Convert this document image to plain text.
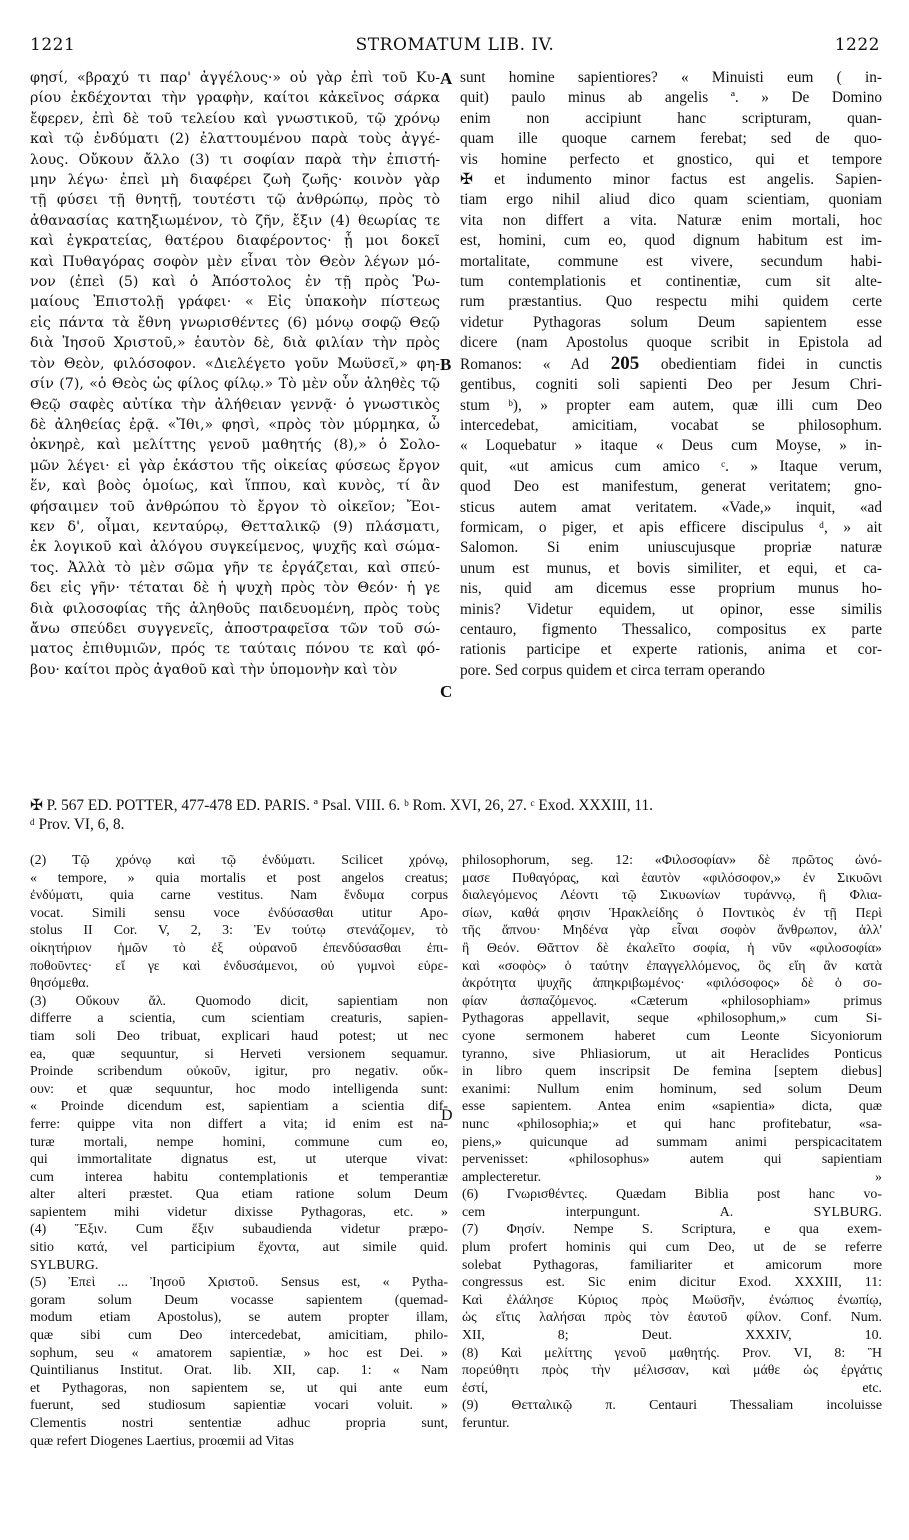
1221	STROMATUM LIB. IV.	1222
φησί, «βραχύ τι παρ' ἀγγέλους·» οὐ γὰρ ἐπὶ τοῦ Κυ-
ρίου ἐκδέχονται τὴν γραφὴν, καίτοι κἀκεῖνος σάρκα
ἔφερεν, ἐπὶ δὲ τοῦ τελείου καὶ γνωστικοῦ, τῷ χρόνῳ
καὶ τῷ ἐνδύματι (2) ἐλαττουμένου παρὰ τοὺς ἀγγέ-
λους. Οὔκουν ἄλλο (3) τι σοφίαν παρὰ τὴν ἐπιστή-
μην λέγω· ἐπεὶ μὴ διαφέρει ζωὴ ζωῆς· κοινὸν γὰρ
τῇ φύσει τῇ θνητῇ, τουτέστι τῷ ἀνθρώπῳ, πρὸς τὸ
ἀθανασίας κατηξιωμένον, τὸ ζῆν, ἔξιν (4) θεωρίας τε
καὶ ἐγκρατείας, θατέρου διαφέροντος· ᾗ μοι δοκεῖ
καὶ Πυθαγόρας σοφὸν μὲν εἶναι τὸν Θεὸν λέγων μό-
νον (ἐπεὶ (5) καὶ ὁ Ἀπόστολος ἐν τῇ πρὸς Ῥω-
μαίους Ἐπιστολῇ γράφει· « Εἰς ὑπακοὴν πίστεως
εἰς πάντα τὰ ἔθνη γνωρισθέντες (6) μόνῳ σοφῷ Θεῷ
διὰ Ἰησοῦ Χριστοῦ,» ἑαυτὸν δὲ, διὰ φιλίαν τὴν πρὸς
τὸν Θεὸν, φιλόσοφον. «Διελέγετο γοῦν Μωϋσεῖ,» φη-
σίν (7), «ὁ Θεὸς ὡς φίλος φίλῳ.» Τὸ μὲν οὖν ἀληθὲς τῷ
Θεῷ σαφὲς αὐτίκα τὴν ἀλήθειαν γεννᾷ· ὁ γνωστικὸς
δὲ ἀληθείας ἐρᾷ. «Ἴθι,» φησὶ, «πρὸς τὸν μύρμηκα, ὦ
ὀκνηρὲ, καὶ μελίττης γενοῦ μαθητής (8),» ὁ Σολο-
μῶν λέγει· εἰ γὰρ ἑκάστου τῆς οἰκείας φύσεως ἔργον
ἕν, καὶ βοὸς ὁμοίως, καὶ ἵππου, καὶ κυνὸς, τί ἂν
φήσαιμεν τοῦ ἀνθρώπου τὸ ἔργον τὸ οἰκεῖον; Ἔοι-
κεν δ', οἶμαι, κενταύρῳ, Θετταλικῷ (9) πλάσματι,
ἐκ λογικοῦ καὶ ἀλόγου συγκείμενος, ψυχῆς καὶ σώμα-
τος. Ἀλλὰ τὸ μὲν σῶμα γῆν τε ἐργάζεται, καὶ σπεύ-
δει εἰς γῆν· τέταται δὲ ἡ ψυχὴ πρὸς τὸν Θεόν· ἡ γε
διὰ φιλοσοφίας τῆς ἀληθοῦς παιδευομένη, πρὸς τοὺς
ἄνω σπεύδει συγγενεῖς, ἀποστραφεῖσα τῶν τοῦ σώ-
ματος ἐπιθυμιῶν, πρός τε ταύταις πόνου τε καὶ φό-
βου· καίτοι πρὸς ἀγαθοῦ καὶ τὴν ὑπομονὴν καὶ τὸν
sunt homine sapientiores? « Minuisti eum ( in-
quit) paulo minus ab angelis ª. » De Domino
enim non accipiunt hanc scripturam, quan-
quam ille quoque carnem ferebat; sed de quo-
vis homine perfecto et gnostico, qui et tempore
✠ et indumento minor factus est angelis. Sapien-
tiam ergo nihil aliud dico quam scientiam, quoniam
vita non differt a vita. Naturæ enim mortali, hoc
est, homini, cum eo, quod dignum habitum est im-
mortalitate, commune est vivere, secundum habi-
tum contemplationis et continentiæ, cum sit alte-
rum præstantius. Quo respectu mihi quidem certe
videtur Pythagoras solum Deum sapientem esse
dicere (nam Apostolus quoque scribit in Epistola ad
Romanos: « Ad 205 obedientiam fidei in cunctis
gentibus, cogniti soli sapienti Deo per Jesum Chri-
stum ᵇ), » propter eam autem, quæ illi cum Deo
intercedebat, amicitiam, vocabat se philosophum.
« Loquebatur » itaque « Deus cum Moyse, » in-
quit, «ut amicus cum amico ᶜ. » Itaque verum,
quod Deo est manifestum, generat veritatem; gno-
sticus autem amat veritatem. «Vade,» inquit, «ad
formicam, o piger, et apis efficere discipulus ᵈ, » ait
Salomon. Si enim uniuscujusque propriæ naturæ
unum est munus, et bovis similiter, et equi, et ca-
nis, quid am dicemus esse proprium munus ho-
minis? Videtur equidem, ut opinor, esse similis
centauro, figmento Thessalico, compositus ex parte
rationis participe et experte rationis, anima et cor-
pore. Sed corpus quidem et circa terram operando
A
B
C
✠ P. 567 ED. POTTER, 477-478 ED. PARIS. ª Psal. VIII. 6. ᵇ Rom. XVI, 26, 27. ᶜ Exod. XXXIII, 11.
ᵈ Prov. VI, 6, 8.
(2) Τῷ χρόνῳ καὶ τῷ ἐνδύματι. Scilicet χρόνῳ,
« tempore, » quia mortalis et post angelos creatus;
ἐνδύματι, quia carne vestitus. Nam ἔνδυμα corpus
vocat. Simili sensu voce ἐνδύσασθαι utitur Apo-
stolus II Cor. V, 2, 3: Ἐν τούτῳ στενάζομεν, τὸ
οἰκητήριον ἡμῶν τὸ ἐξ οὐρανοῦ ἐπενδύσασθαι ἐπι-
ποθοῦντες· εἴ γε καὶ ἐνδυσάμενοι, οὐ γυμνοὶ εὑρε-
θησόμεθα.
(3) Οὔκουν ἄλ. Quomodo dicit, sapientiam non
differre a scientia, cum scientiam creaturis, sapien-
tiam soli Deo tribuat, explicari haud potest; ut nec
ea, quæ sequuntur, si Herveti versionem sequamur.
Proinde scribendum οὐκοῦν, igitur, pro negativ. οὔκ-
ουν: et quæ sequuntur, hoc modo intelligenda sunt:
« Proinde dicendum est, sapientiam a scientia dif-
ferre: quippe vita non differt a vita; id enim est na-
turæ mortali, nempe homini, commune cum eo,
qui immortalitate dignatus est, ut uterque vivat:
cum interea habitu contemplationis et temperantiæ
alter alteri præstet. Qua etiam ratione solum Deum
sapientem mihi videtur dixisse Pythagoras, etc. »
(4) Ἔξιν. Cum ἕξιν subaudienda videtur præpo-
sitio κατά, vel participium ἔχοντα, aut simile quid.
SYLBURG.
(5) Ἐπεὶ ... Ἰησοῦ Χριστοῦ. Sensus est, « Pytha-
goram solum Deum vocasse sapientem (quemad-
modum etiam Apostolus), se autem propter illam,
quæ sibi cum Deo intercedebat, amicitiam, philo-
sophum, seu « amatorem sapientiæ, » hoc est Dei. »
Quintilianus Institut. Orat. lib. XII, cap. 1: « Nam
et Pythagoras, non sapientem se, ut qui ante eum
fuerunt, sed studiosum sapientiæ vocari voluit. »
Clementis nostri sententiæ adhuc propria sunt,
quæ refert Diogenes Laertius, proœmii ad Vitas
philosophorum, seg. 12: «Φιλοσοφίαν» δὲ πρῶτος ὠνό-
μασε Πυθαγόρας, καὶ ἑαυτὸν «φιλόσοφον,» ἐν Σικυῶνι
διαλεγόμενος Λέοντι τῷ Σικυωνίων τυράννῳ, ἢ Φλια-
σίων, καθά φησιν Ἡρακλείδης ὁ Ποντικὸς ἐν τῇ Περὶ
τῆς ἄπνου· Μηδένα γὰρ εἶναι σοφὸν ἄνθρωπον, ἀλλ'
ἢ Θεόν. Θᾶττον δὲ ἐκαλεῖτο σοφία, ἡ νῦν «φιλοσοφία»
καὶ «σοφὸς» ὁ ταύτην ἐπαγγελλόμενος, ὃς εἴη ἂν κατὰ
ἀκρότητα ψυχῆς ἀπηκριβωμένος· «φιλόσοφος» δὲ ὁ σο-
φίαν ἀσπαζόμενος. «Cæterum «philosophiam» primus
Pythagoras appellavit, seque «philosophum,» cum Si-
cyone sermonem haberet cum Leonte Sicyoniorum
tyranno, sive Phliasiorum, ut ait Heraclides Ponticus
in libro quem inscripsit De femina [septem diebus]
exanimi: Nullum enim hominum, sed solum Deum
esse sapientem. Antea enim «sapientia» dicta, quæ
nunc «philosophia;» et qui hanc profitebatur, «sa-
piens,» quicunque ad summam animi perspicacitatem
pervenisset: «philosophus» autem qui sapientiam
amplecteretur. »
(6) Γνωρισθέντες. Quædam Biblia post hanc vo-
cem interpungunt. A. SYLBURG.
(7) Φησίν. Nempe S. Scriptura, e qua exem-
plum profert hominis qui cum Deo, ut de se referre
solebat Pythagoras, familiariter et amicorum more
congressus est. Sic enim dicitur Exod. XXXIII, 11:
Καὶ ἐλάλησε Κύριος πρὸς Μωϋσῆν, ἐνώπιος ἐνωπίῳ,
ὡς εἴτις λαλήσαι πρὸς τὸν ἑαυτοῦ φίλον. Conf. Num.
XII, 8; Deut. XXXIV, 10.
(8) Καὶ μελίττης γενοῦ μαθητής. Prov. VI, 8: Ἢ
πορεύθητι πρὸς τὴν μέλισσαν, καὶ μάθε ὡς ἐργάτις
ἐστί, etc.
(9) Θετταλικῷ π. Centauri Thessaliam incoluisse
feruntur.
D
